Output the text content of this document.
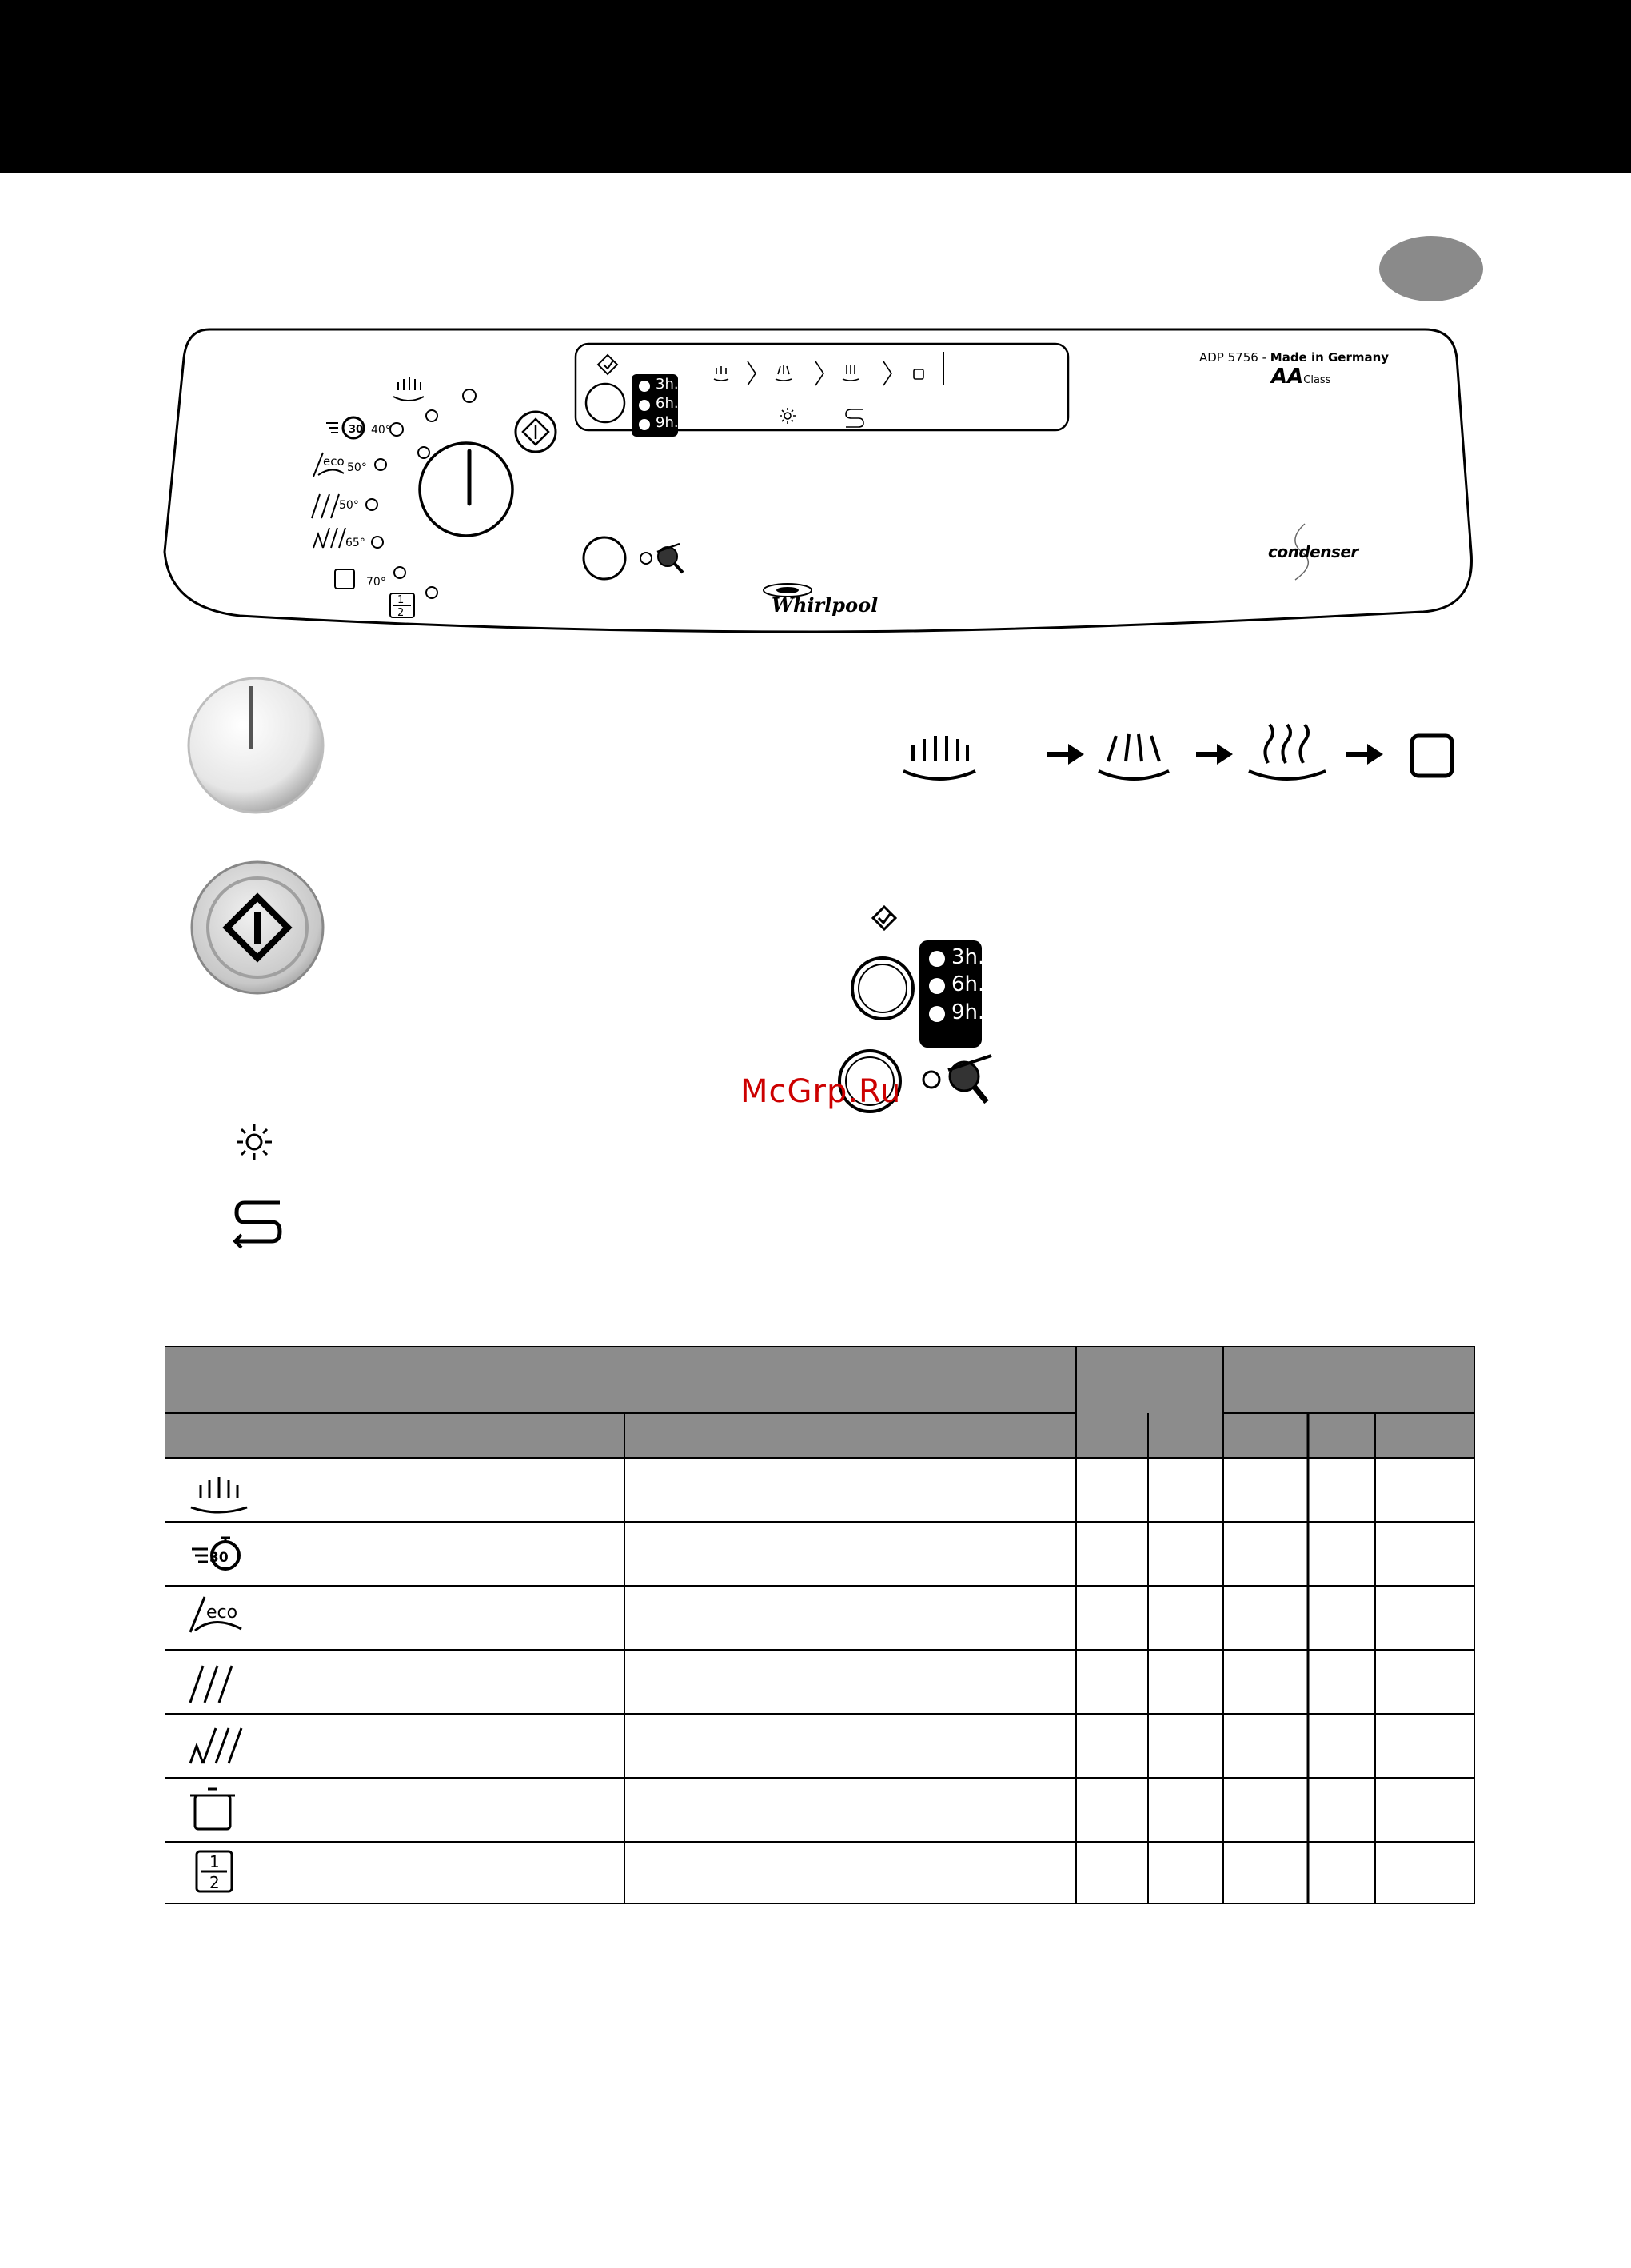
30
eco
1
2
40°
50°
50°
65°
70°
ADP 5756 - Made in Germany
AAClass
condenser
Whirlpool
3h.
6h.
9h.
3h.
6h.
9h.
McGrp.Ru
1
2
30
eco
